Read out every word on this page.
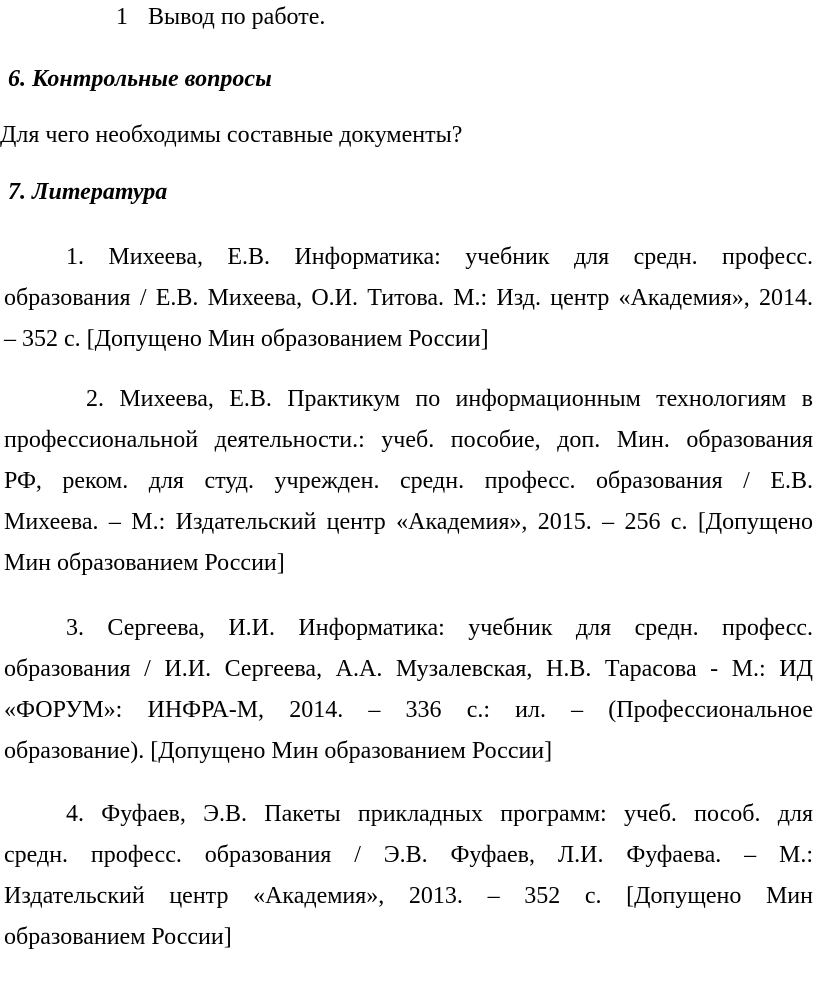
1 Вывод по работе.
6. Контрольные вопросы
Для чего необходимы составные документы?
7. Литература
1. Михеева, Е.В. Информатика: учебник для средн. професс.
образования / Е.В. Михеева, О.И. Титова. М.: Изд. центр «Академия», 2014.
– 352 с. [Допущено Мин образованием России]
2. Михеева, Е.В. Практикум по информационным технологиям в
профессиональной деятельности.: учеб. пособие, доп. Мин. образования
РФ, реком. для студ. учрежден. средн. професс. образования / Е.В.
Михеева. – М.: Издательский центр «Академия», 2015. – 256 с. [Допущено
Мин образованием России]
3. Сергеева, И.И. Информатика: учебник для средн. професс.
образования / И.И. Сергеева, А.А. Музалевская, Н.В. Тарасова - М.: ИД
«ФОРУМ»: ИНФРА-М, 2014. – 336 с.: ил. – (Профессиональное
образование). [Допущено Мин образованием России]
4. Фуфаев, Э.В. Пакеты прикладных программ: учеб. пособ. для
средн. професс. образования / Э.В. Фуфаев, Л.И. Фуфаева. – М.:
Издательский центр «Академия», 2013. – 352 с. [Допущено Мин
образованием России]
